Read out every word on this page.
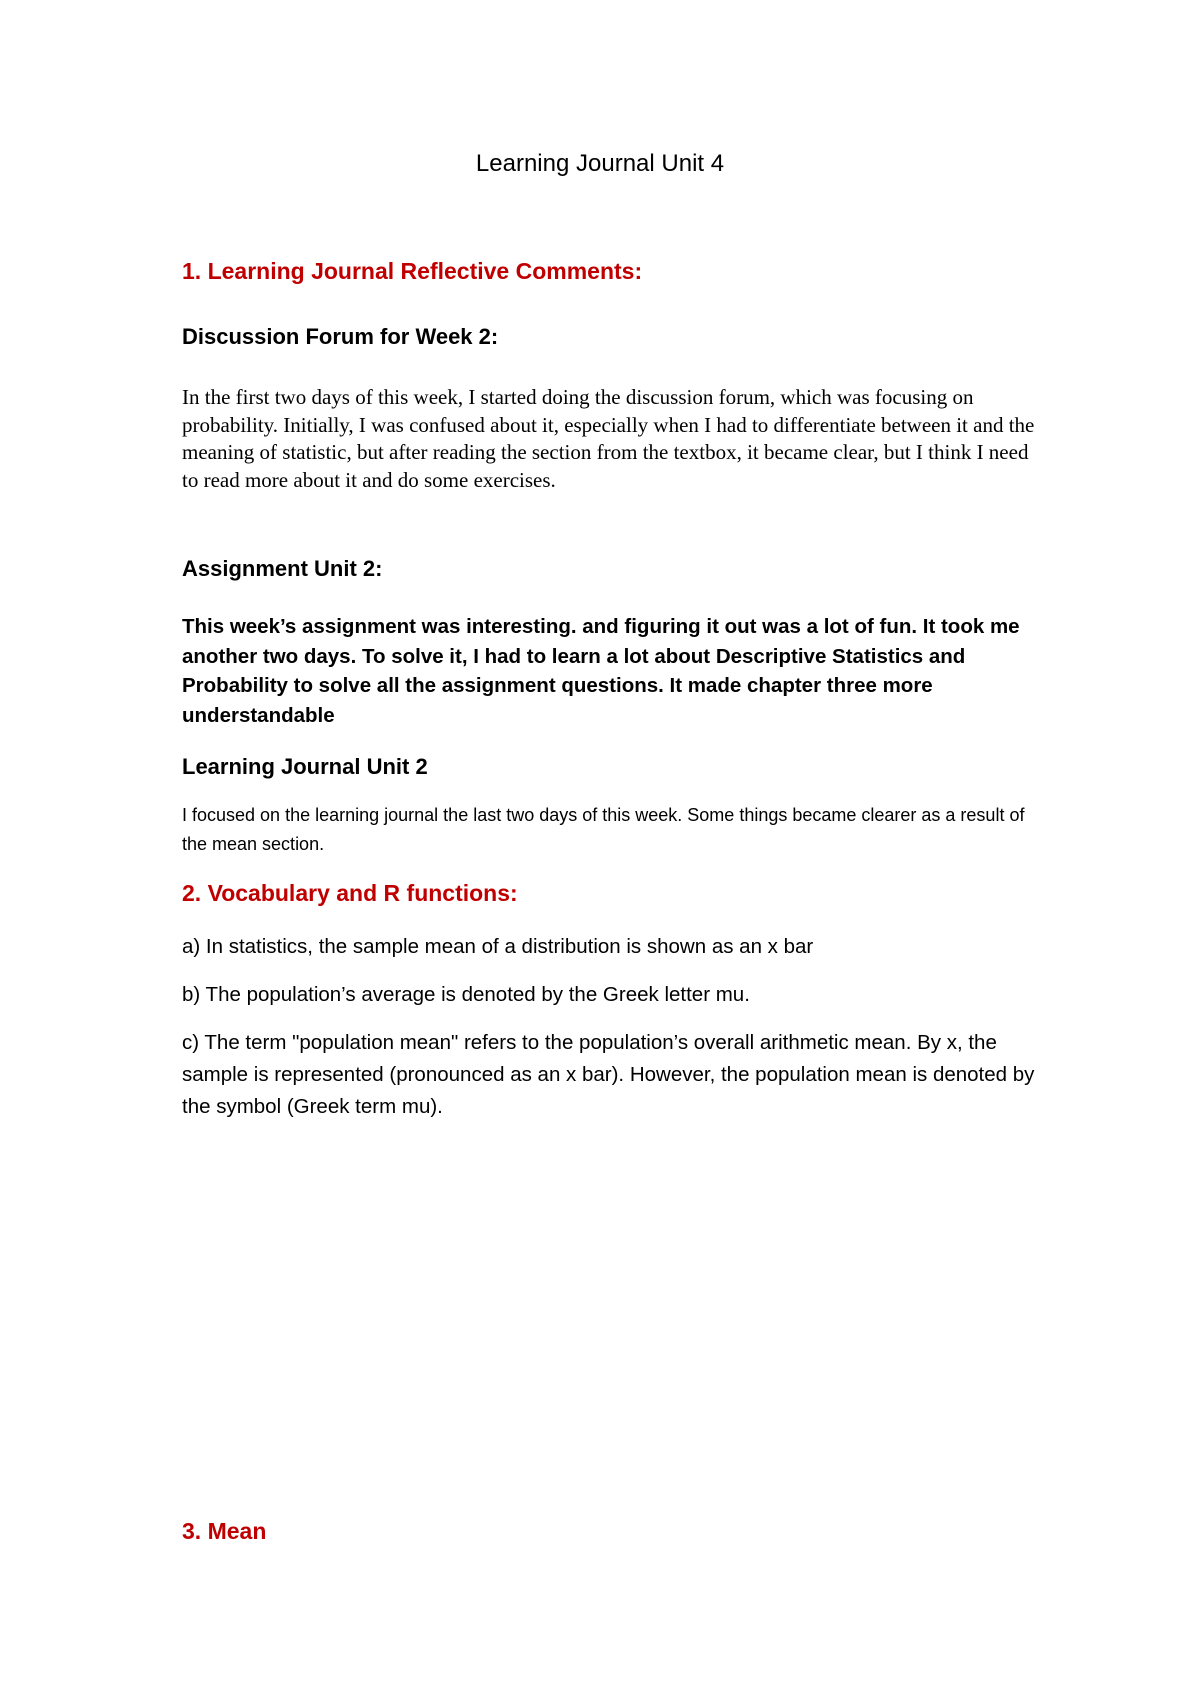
Learning Journal Unit 4
1. Learning Journal Reflective Comments:
Discussion Forum for Week 2:

In the first two days of this week, I started doing the discussion forum, which was focusing on probability. Initially, I was confused about it, especially when I had to differentiate between it and the meaning of statistic, but after reading the section from the textbox, it became clear, but I think I need to read more about it and do some exercises.

Assignment Unit 2:

This week’s assignment was interesting. and figuring it out was a lot of fun. It took me another two days. To solve it, I had to learn a lot about Descriptive Statistics and Probability to solve all the assignment questions. It made chapter three more understandable

Learning Journal Unit 2

I focused on the learning journal the last two days of this week. Some things became clearer as a result of the mean section.

2. Vocabulary and R functions:

a) In statistics, the sample mean of a distribution is shown as an x bar

b) The population’s average is denoted by the Greek letter mu.

c) The term "population mean" refers to the population’s overall arithmetic mean. By x, the sample is represented (pronounced as an x bar). However, the population mean is denoted by the symbol (Greek term mu).

3. Mean
